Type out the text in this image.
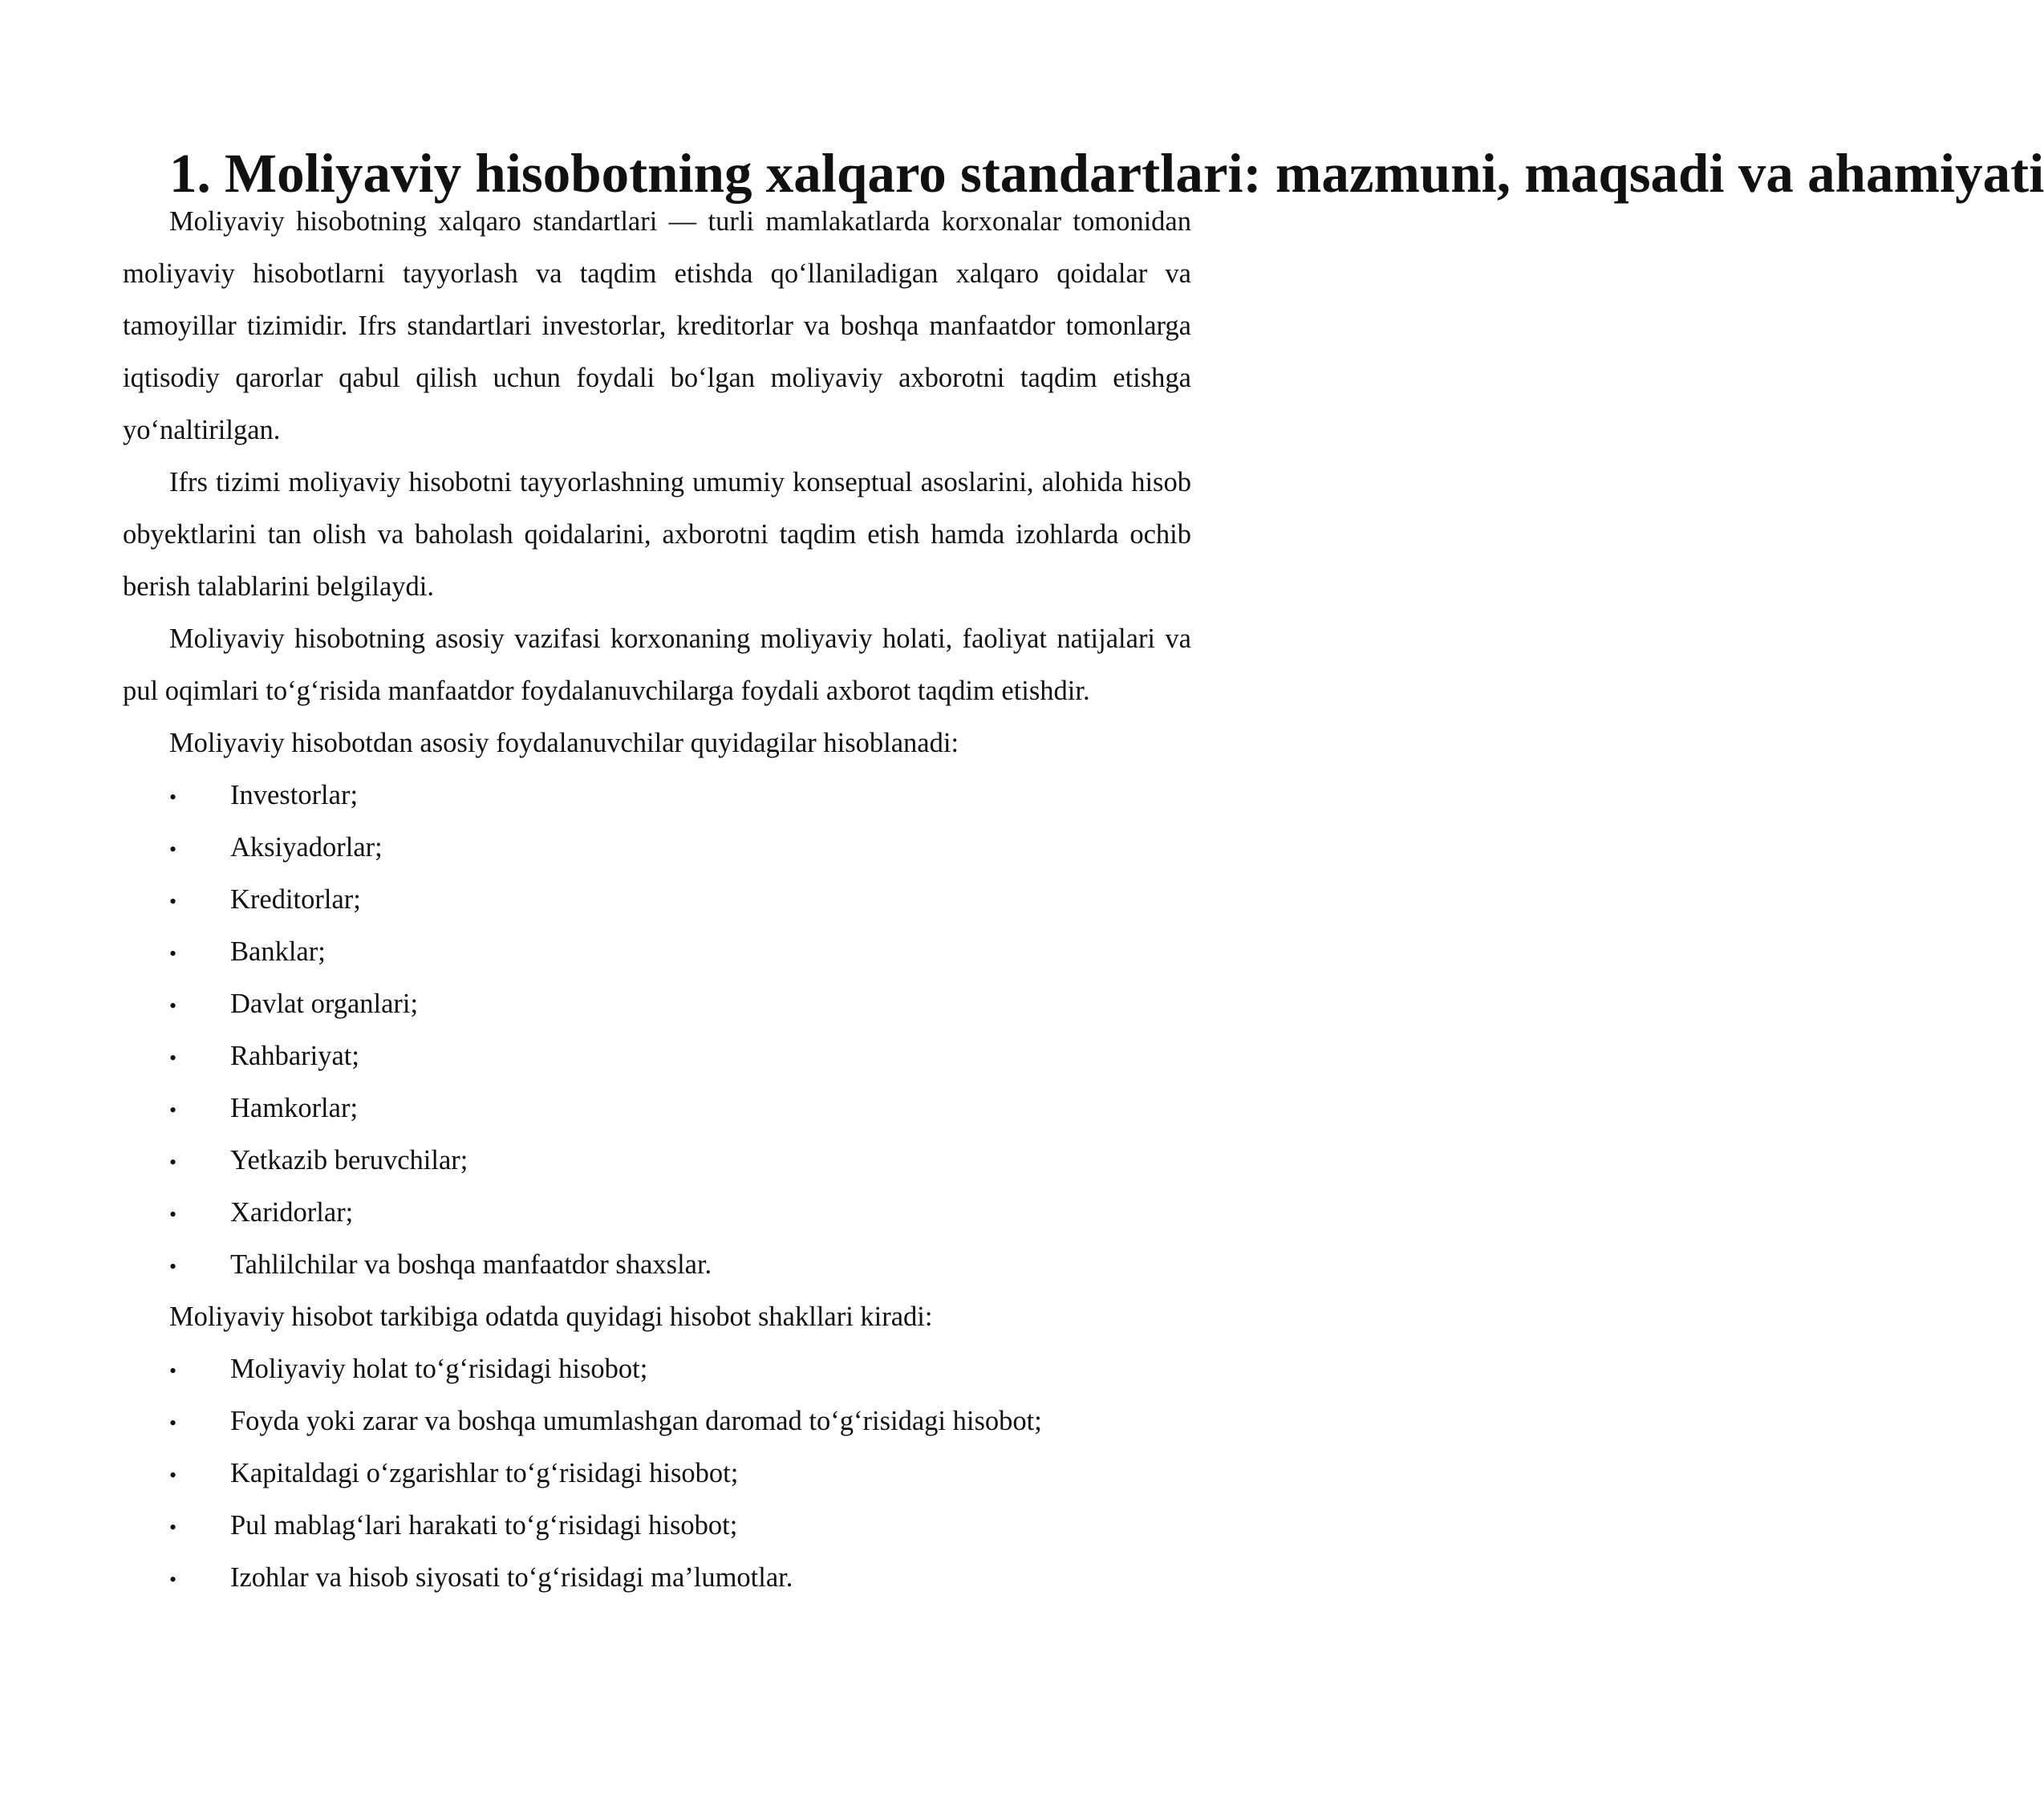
1. Moliyaviy hisobotning xalqaro standartlari: mazmuni, maqsadi va ahamiyati

Moliyaviy hisobotning xalqaro standartlari — turli mamlakatlarda korxonalar tomonidan moliyaviy hisobotlarni tayyorlash va taqdim etishda qo‘llaniladigan xalqaro qoidalar va tamoyillar tizimidir. Ifrs standartlari investorlar, kreditorlar va boshqa manfaatdor tomonlarga iqtisodiy qarorlar qabul qilish uchun foydali bo‘lgan moliyaviy axborotni taqdim etishga yo‘naltirilgan.

Ifrs tizimi moliyaviy hisobotni tayyorlashning umumiy konseptual asoslarini, alohida hisob obyektlarini tan olish va baholash qoidalarini, axborotni taqdim etish hamda izohlarda ochib berish talablarini belgilaydi.

Moliyaviy hisobotning asosiy vazifasi korxonaning moliyaviy holati, faoliyat natijalari va pul oqimlari to‘g‘risida manfaatdor foydalanuvchilarga foydali axborot taqdim etishdir.

Moliyaviy hisobotdan asosiy foydalanuvchilar quyidagilar hisoblanadi:

•	Investorlar;
•	Aksiyadorlar;
•	Kreditorlar;
•	Banklar;
•	Davlat organlari;
•	Rahbariyat;
•	Hamkorlar;
•	Yetkazib beruvchilar;
•	Xaridorlar;
•	Tahlilchilar va boshqa manfaatdor shaxslar.

Moliyaviy hisobot tarkibiga odatda quyidagi hisobot shakllari kiradi:

•	Moliyaviy holat to‘g‘risidagi hisobot;
•	Foyda yoki zarar va boshqa umumlashgan daromad to‘g‘risidagi hisobot;
•	Kapitaldagi o‘zgarishlar to‘g‘risidagi hisobot;
•	Pul mablag‘lari harakati to‘g‘risidagi hisobot;
•	Izohlar va hisob siyosati to‘g‘risidagi ma’lumotlar.
